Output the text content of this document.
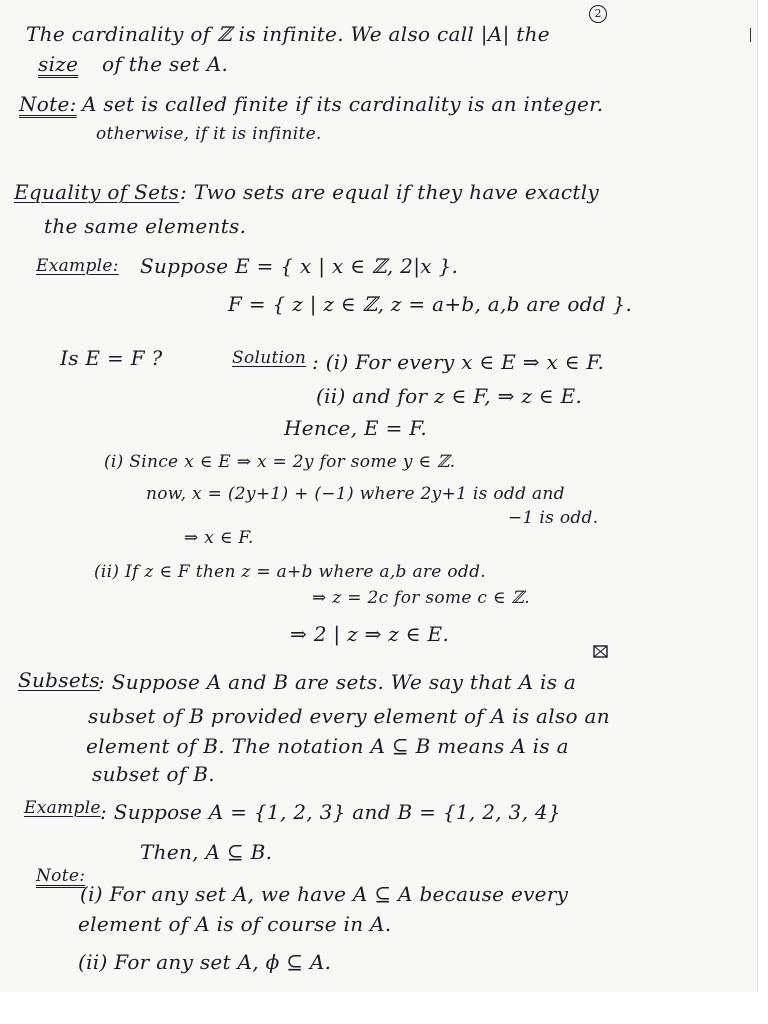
2
The cardinality of ℤ is infinite. We also call |A| the
size of the set A.
Note: A set is called finite if its cardinality is an integer.
otherwise, if it is infinite.
Equality of Sets : Two sets are equal if they have exactly
the same elements.
Example: Suppose E = { x | x ∈ ℤ, 2|x }.
F = { z | z ∈ ℤ, z = a+b, a,b are odd }.
Is E = F ?	Solution : (i) For every x ∈ E ⇒ x ∈ F.
(ii) and for z ∈ F, ⇒ z ∈ E.
Hence, E = F.
(i) Since x ∈ E ⇒ x = 2y for some y ∈ ℤ.
now, x = (2y+1) + (−1) where 2y+1 is odd and
−1 is odd.
⇒ x ∈ F.
(ii) If z ∈ F then z = a+b where a,b are odd.
⇒ z = 2c for some c ∈ ℤ.
⇒ 2 | z ⇒ z ∈ E.
Subsets
: Suppose A and B are sets. We say that A is a
subset of B provided every element of A is also an
element of B. The notation A ⊆ B means A is a
subset of B.
Example : Suppose A = {1, 2, 3} and B = {1, 2, 3, 4}
Then, A ⊆ B.
Note:
(i) For any set A, we have A ⊆ A because every
element of A is of course in A.
(ii) For any set A, ϕ ⊆ A.
